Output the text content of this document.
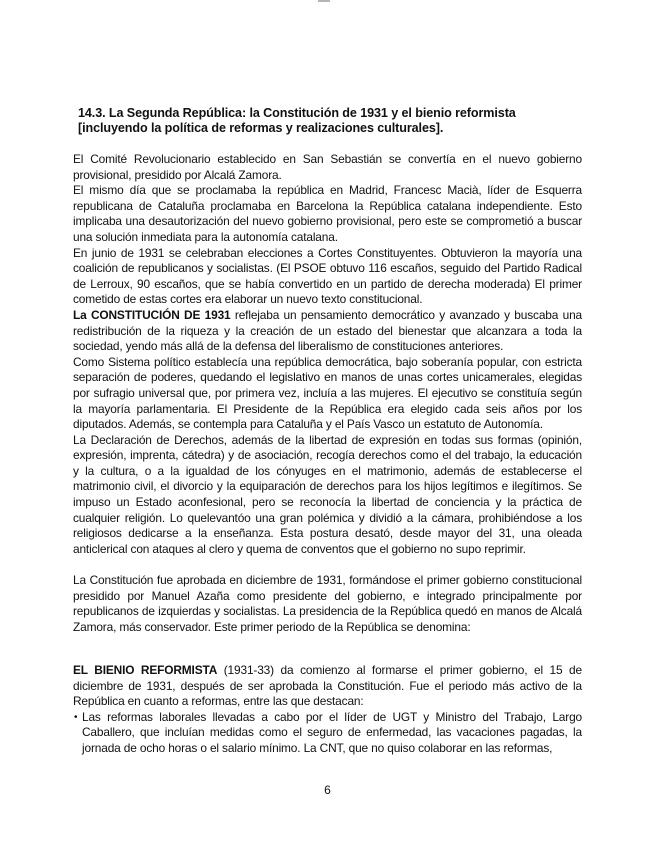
14.3. La Segunda República: la Constitución de 1931 y el bienio reformista
[incluyendo la política de reformas y realizaciones culturales].

El Comité Revolucionario establecido en San Sebastián se convertía en el nuevo gobierno provisional, presidido por Alcalá Zamora.

El mismo día que se proclamaba la república en Madrid, Francesc Macià, líder de Esquerra republicana de Cataluña proclamaba en Barcelona la República catalana independiente. Esto implicaba una desautorización del nuevo gobierno provisional, pero este se comprometió a buscar una solución inmediata para la autonomía catalana.

En junio de 1931 se celebraban elecciones a Cortes Constituyentes. Obtuvieron la mayoría una coalición de republicanos y socialistas. (El PSOE obtuvo 116 escaños, seguido del Partido Radical de Lerroux, 90 escaños, que se había convertido en un partido de derecha moderada) El primer cometido de estas cortes era elaborar un nuevo texto constitucional.

La CONSTITUCIÓN DE 1931 reflejaba un pensamiento democrático y avanzado y buscaba una redistribución de la riqueza y la creación de un estado del bienestar que alcanzara a toda la sociedad, yendo más allá de la defensa del liberalismo de constituciones anteriores.

Como Sistema político establecía una república democrática, bajo soberanía popular, con estricta separación de poderes, quedando el legislativo en manos de unas cortes unicamerales, elegidas por sufragio universal que, por primera vez, incluía a las mujeres. El ejecutivo se constituía según la mayoría parlamentaria. El Presidente de la República era elegido cada seis años por los diputados. Además, se contempla para Cataluña y el País Vasco un estatuto de Autonomía.

La Declaración de Derechos, además de la libertad de expresión en todas sus formas (opinión, expresión, imprenta, cátedra) y de asociación, recogía derechos como el del trabajo, la educación y la cultura, o a la igualdad de los cónyuges en el matrimonio, además de establecerse el matrimonio civil, el divorcio y la equiparación de derechos para los hijos legítimos e ilegítimos. Se impuso un Estado aconfesional, pero se reconocía la libertad de conciencia y la práctica de cualquier religión. Lo quelevantóo una gran polémica y dividió a la cámara, prohibiéndose a los religiosos dedicarse a la enseñanza. Esta postura desató, desde mayor del 31, una oleada anticlerical con ataques al clero y quema de conventos que el gobierno no supo reprimir.

La Constitución fue aprobada en diciembre de 1931, formándose el primer gobierno constitucional presidido por Manuel Azaña como presidente del gobierno, e integrado principalmente por republicanos de izquierdas y socialistas. La presidencia de la República quedó en manos de Alcalá Zamora, más conservador. Este primer periodo de la República se denomina:

EL BIENIO REFORMISTA (1931-33) da comienzo al formarse el primer gobierno, el 15 de diciembre de 1931, después de ser aprobada la Constitución. Fue el periodo más activo de la República en cuanto a reformas, entre las que destacan:

• Las reformas laborales llevadas a cabo por el líder de UGT y Ministro del Trabajo, Largo Caballero, que incluían medidas como el seguro de enfermedad, las vacaciones pagadas, la jornada de ocho horas o el salario mínimo. La CNT, que no quiso colaborar en las reformas,

6
